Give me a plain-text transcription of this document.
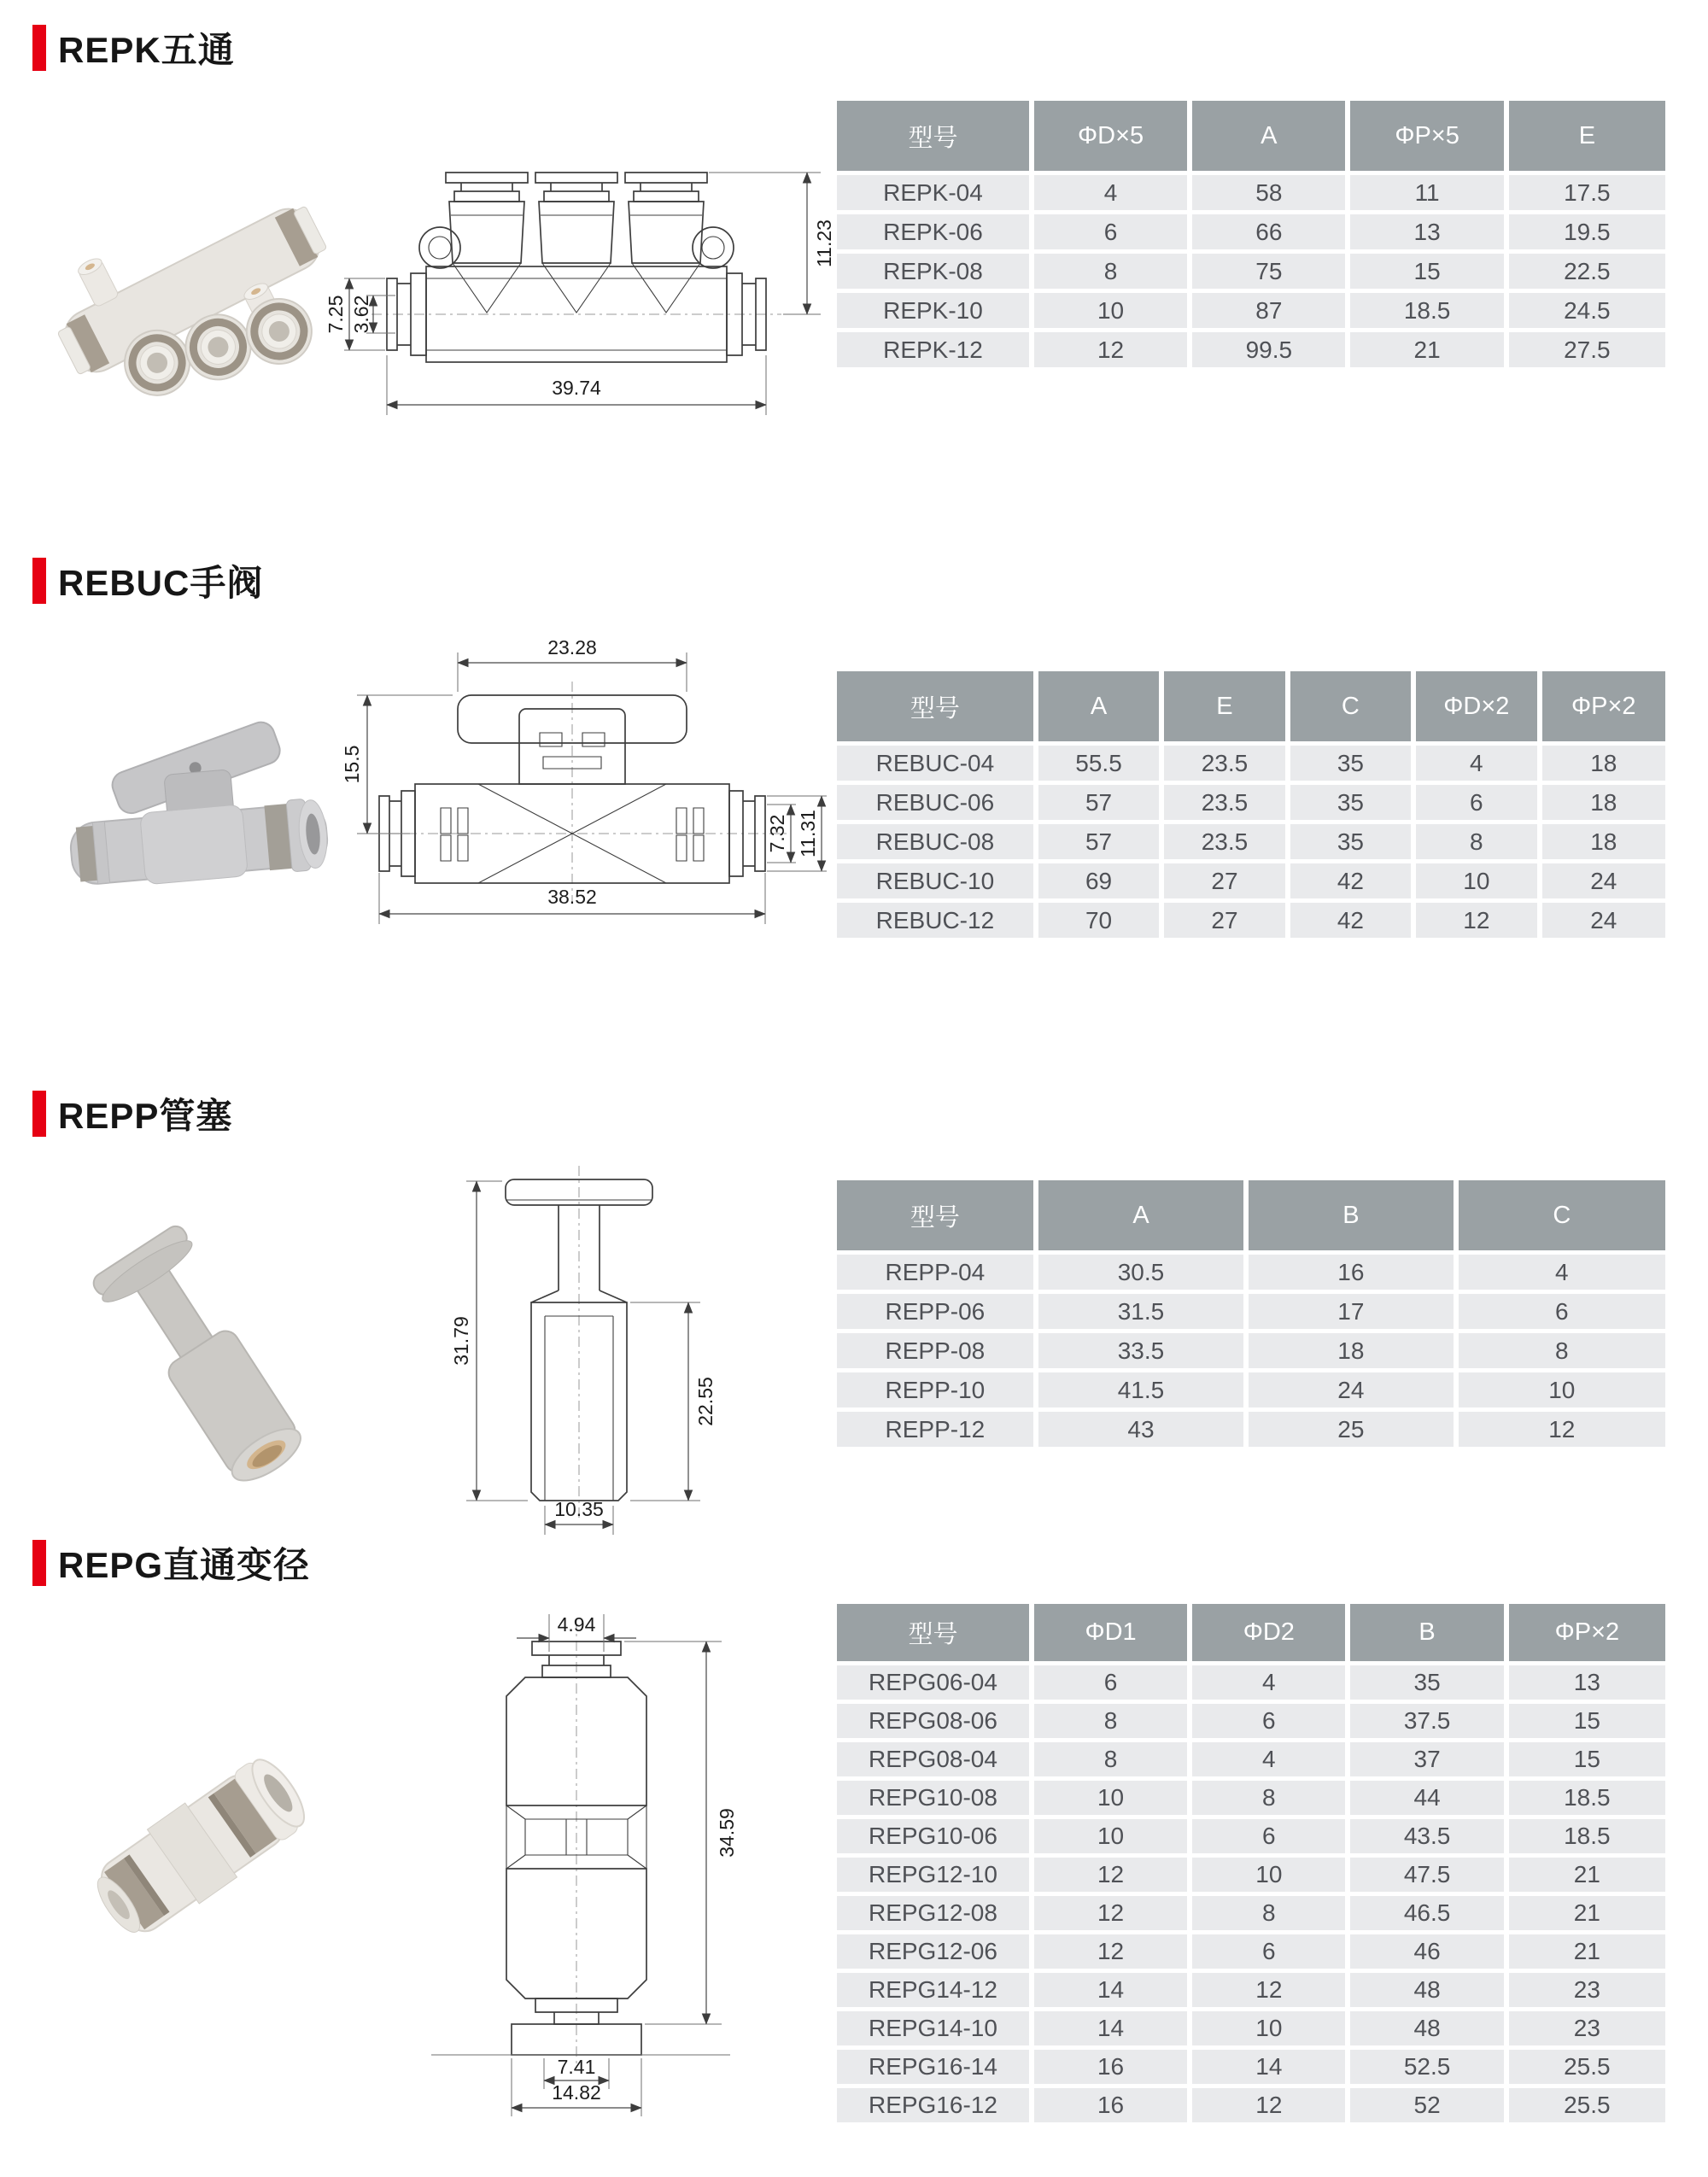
REPK五通
7.25 3.62
11.23
39.74
型号	ΦD×5	A	ΦP×5	E
REPK-04	4	58	11	17.5
REPK-06	6	66	13	19.5
REPK-08	8	75	15	22.5
REPK-10	10	87	18.5	24.5
REPK-12	12	99.5	21	27.5
REBUC手阀
23.28
15.5
7.32 11.31
38.52
型号	A	E	C	ΦD×2	ΦP×2
REBUC-04	55.5	23.5	35	4	18
REBUC-06	57	23.5	35	6	18
REBUC-08	57	23.5	35	8	18
REBUC-10	69	27	42	10	24
REBUC-12	70	27	42	12	24
REPP管塞
31.79
22.55
10.35
型号	A	B	C
REPP-04	30.5	16	4
REPP-06	31.5	17	6
REPP-08	33.5	18	8
REPP-10	41.5	24	10
REPP-12	43	25	12
REPG直通变径
4.94
34.59
7.41
14.82
型号	ΦD1	ΦD2	B	ΦP×2
REPG06-04	6	4	35	13
REPG08-06	8	6	37.5	15
REPG08-04	8	4	37	15
REPG10-08	10	8	44	18.5
REPG10-06	10	6	43.5	18.5
REPG12-10	12	10	47.5	21
REPG12-08	12	8	46.5	21
REPG12-06	12	6	46	21
REPG14-12	14	12	48	23
REPG14-10	14	10	48	23
REPG16-14	16	14	52.5	25.5
REPG16-12	16	12	52	25.5
